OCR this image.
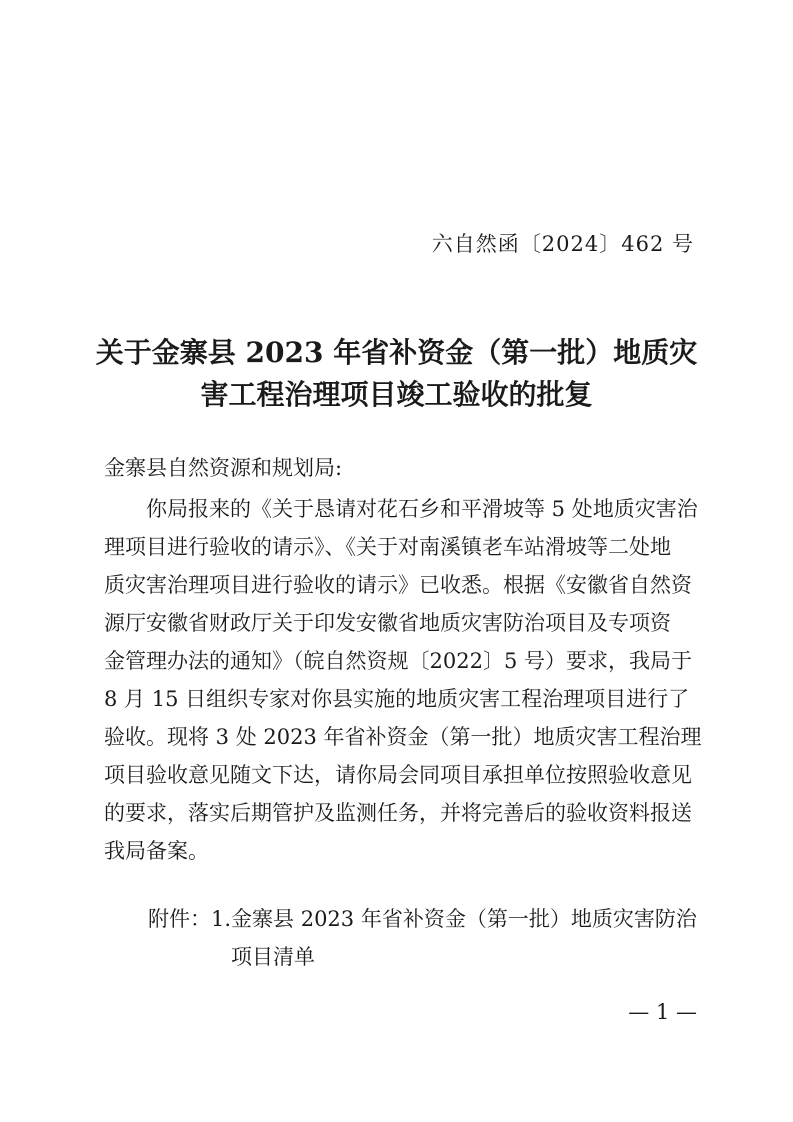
六自然函〔2024〕462 号
关于金寨县 2023 年省补资金（第一批）地质灾
害工程治理项目竣工验收的批复
金寨县自然资源和规划局:
　　你局报来的《关于恳请对花石乡和平滑坡等 5 处地质灾害治
理项目进行验收的请示》、《关于对南溪镇老车站滑坡等二处地
质灾害治理项目进行验收的请示》已收悉。根据《安徽省自然资
源厅安徽省财政厅关于印发安徽省地质灾害防治项目及专项资
金管理办法的通知》（皖自然资规〔2022〕5 号）要求，我局于
8 月 15 日组织专家对你县实施的地质灾害工程治理项目进行了
验收。现将 3 处 2023 年省补资金（第一批）地质灾害工程治理
项目验收意见随文下达，请你局会同项目承担单位按照验收意见
的要求，落实后期管护及监测任务，并将完善后的验收资料报送
我局备案。
附件：1.金寨县 2023 年省补资金（第一批）地质灾害防治
项目清单
— 1 —
